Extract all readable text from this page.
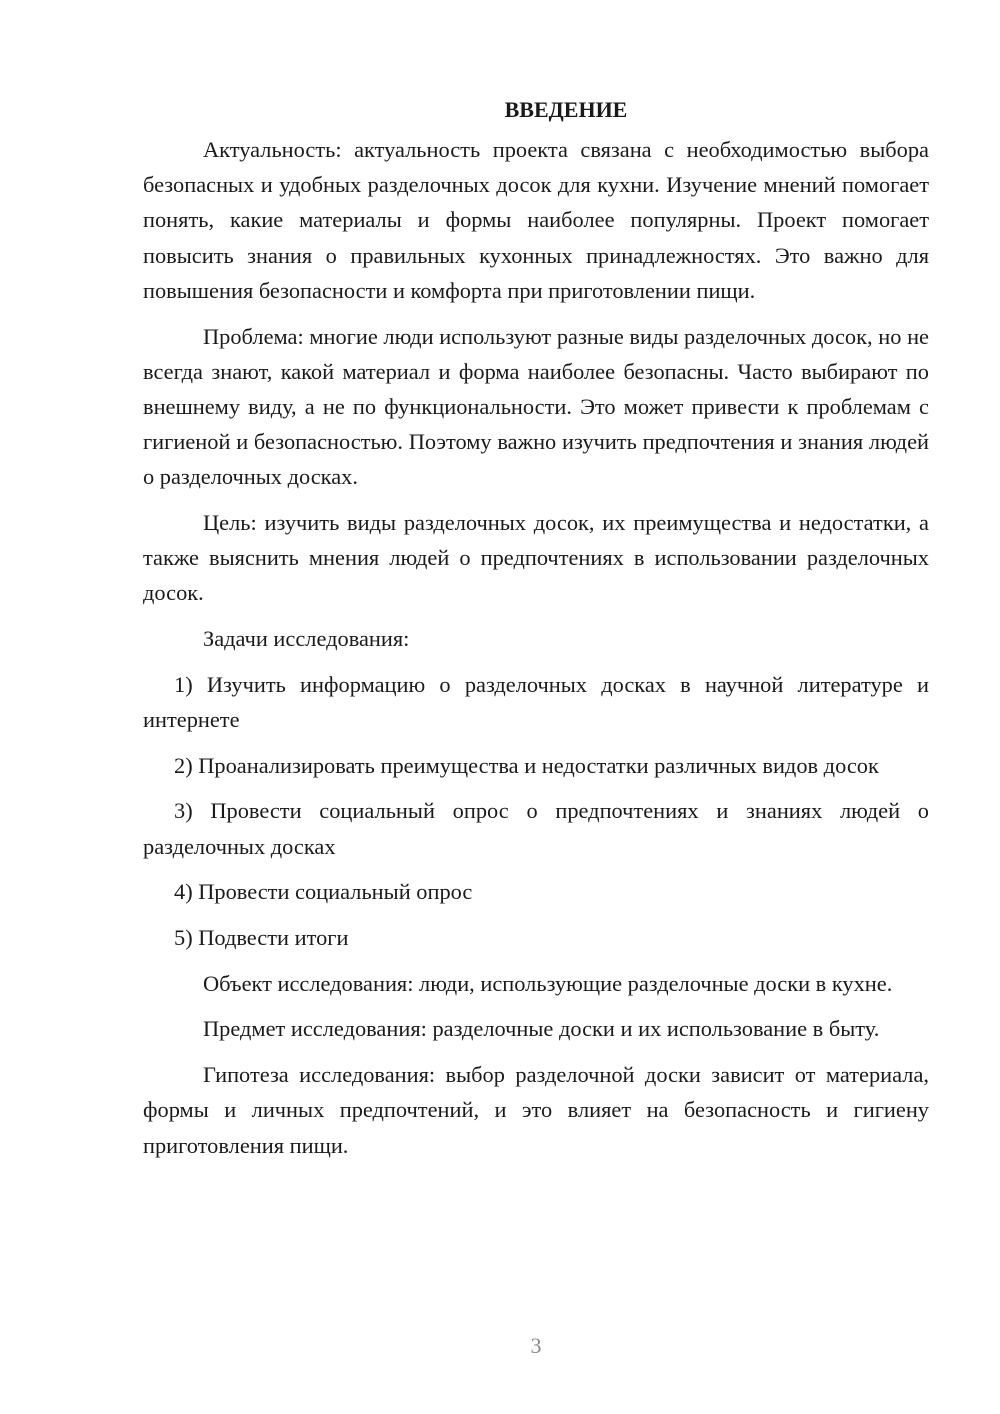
ВВЕДЕНИЕ

Актуальность: актуальность проекта связана с необходимостью выбора безопасных и удобных разделочных досок для кухни. Изучение мнений помогает понять, какие материалы и формы наиболее популярны. Проект помогает повысить знания о правильных кухонных принадлежностях. Это важно для повышения безопасности и комфорта при приготовлении пищи.

Проблема: многие люди используют разные виды разделочных досок, но не всегда знают, какой материал и форма наиболее безопасны. Часто выбирают по внешнему виду, а не по функциональности. Это может привести к проблемам с гигиеной и безопасностью. Поэтому важно изучить предпочтения и знания людей о разделочных досках.

Цель: изучить виды разделочных досок, их преимущества и недостатки, а также выяснить мнения людей о предпочтениях в использовании разделочных досок.

Задачи исследования:

1) Изучить информацию о разделочных досках в научной литературе и интернете

2) Проанализировать преимущества и недостатки различных видов досок

3) Провести социальный опрос о предпочтениях и знаниях людей о разделочных досках

4) Провести социальный опрос

5) Подвести итоги

Объект исследования: люди, использующие разделочные доски в кухне.

Предмет исследования: разделочные доски и их использование в быту.

Гипотеза исследования: выбор разделочной доски зависит от материала, формы и личных предпочтений, и это влияет на безопасность и гигиену приготовления пищи.

3
